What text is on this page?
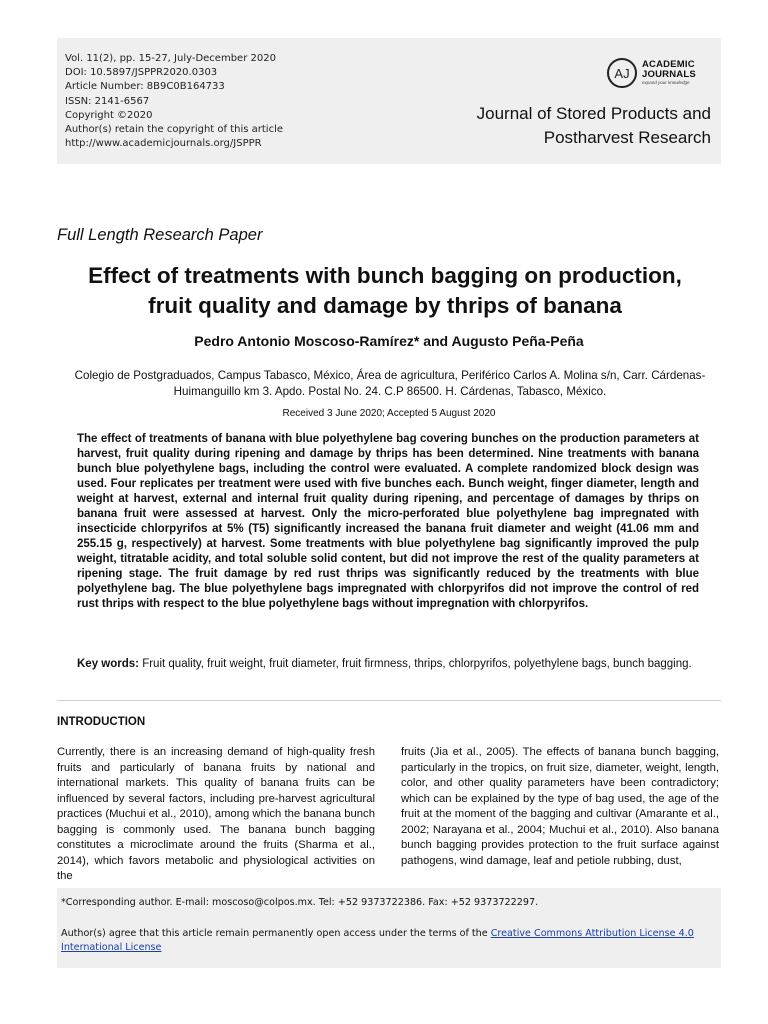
Vol. 11(2), pp. 15-27, July-December 2020
DOI: 10.5897/JSPPR2020.0303
Article Number: 8B9C0B164733
ISSN: 2141-6567
Copyright ©2020
Author(s) retain the copyright of this article
http://www.academicjournals.org/JSPPR
AJ
ACADEMIC
JOURNALS
expand your knowledge
Journal of Stored Products and
Postharvest Research
Full Length Research Paper
Effect of treatments with bunch bagging on production,
fruit quality and damage by thrips of banana
Pedro Antonio Moscoso-Ramírez* and Augusto Peña-Peña
Colegio de Postgraduados, Campus Tabasco, México, Área de agricultura, Periférico Carlos A. Molina s/n, Carr. Cárdenas-Huimanguillo km 3. Apdo. Postal No. 24. C.P 86500. H. Cárdenas, Tabasco, México.
Received 3 June 2020; Accepted 5 August 2020
The effect of treatments of banana with blue polyethylene bag covering bunches on the production parameters at harvest, fruit quality during ripening and damage by thrips has been determined. Nine treatments with banana bunch blue polyethylene bags, including the control were evaluated. A complete randomized block design was used. Four replicates per treatment were used with five bunches each. Bunch weight, finger diameter, length and weight at harvest, external and internal fruit quality during ripening, and percentage of damages by thrips on banana fruit were assessed at harvest. Only the micro-perforated blue polyethylene bag impregnated with insecticide chlorpyrifos at 5% (T5) significantly increased the banana fruit diameter and weight (41.06 mm and 255.15 g, respectively) at harvest. Some treatments with blue polyethylene bag significantly improved the pulp weight, titratable acidity, and total soluble solid content, but did not improve the rest of the quality parameters at ripening stage. The fruit damage by red rust thrips was significantly reduced by the treatments with blue polyethylene bag. The blue polyethylene bags impregnated with chlorpyrifos did not improve the control of red rust thrips with respect to the blue polyethylene bags without impregnation with chlorpyrifos.
Key words: Fruit quality, fruit weight, fruit diameter, fruit firmness, thrips, chlorpyrifos, polyethylene bags, bunch bagging.
INTRODUCTION
Currently, there is an increasing demand of high-quality fresh fruits and particularly of banana fruits by national and international markets. This quality of banana fruits can be influenced by several factors, including pre-harvest agricultural practices (Muchui et al., 2010), among which the banana bunch bagging is commonly used. The banana bunch bagging constitutes a microclimate around the fruits (Sharma et al., 2014), which favors metabolic and physiological activities on the
fruits (Jia et al., 2005). The effects of banana bunch bagging, particularly in the tropics, on fruit size, diameter, weight, length, color, and other quality parameters have been contradictory; which can be explained by the type of bag used, the age of the fruit at the moment of the bagging and cultivar (Amarante et al., 2002; Narayana et al., 2004; Muchui et al., 2010). Also banana bunch bagging provides protection to the fruit surface against pathogens, wind damage, leaf and petiole rubbing, dust,
*Corresponding author. E-mail: moscoso@colpos.mx. Tel: +52 9373722386. Fax: +52 9373722297.
Author(s) agree that this article remain permanently open access under the terms of the Creative Commons Attribution License 4.0 International License
